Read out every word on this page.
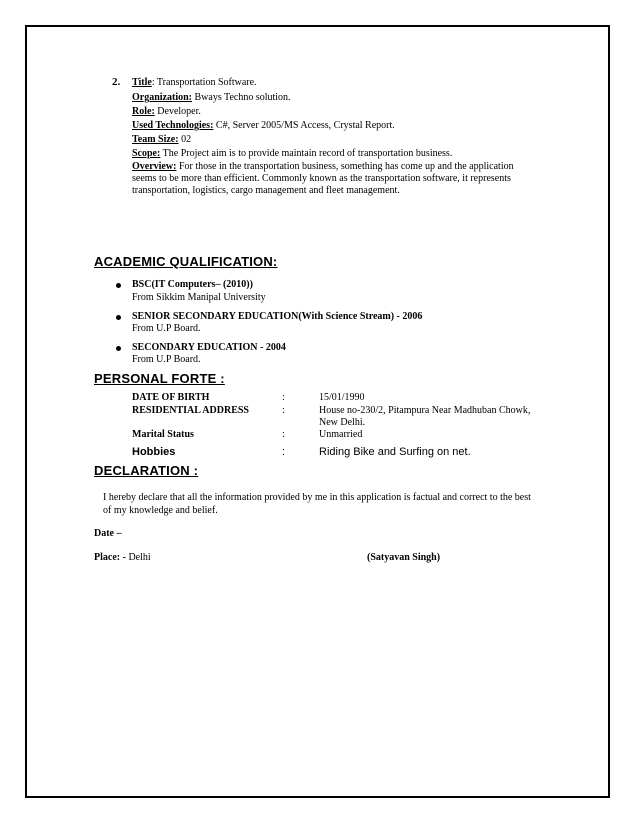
2. Title: Transportation Software.
Organization: Bways Techno solution.
Role: Developer.
Used Technologies: C#, Server 2005/MS Access, Crystal Report.
Team Size: 02
Scope: The Project aim is to provide maintain record of transportation business.
Overview: For those in the transportation business, something has come up and the application
seems to be more than efficient. Commonly known as the transportation software, it represents
transportation, logistics, cargo management and fleet management.
ACADEMIC QUALIFICATION:
BSC(IT Computers– (2010))
From Sikkim Manipal University
SENIOR SECONDARY EDUCATION(With Science Stream) - 2006
From U.P Board.
SECONDARY EDUCATION - 2004
From U.P Board.
PERSONAL FORTE :
DATE OF BIRTH	:	15/01/1990
RESIDENTIAL ADDRESS	:	House no-230/2, Pitampura Near Madhuban Chowk,
New Delhi.
Marital Status	:	Unmarried
Hobbies	:	Riding Bike and Surfing on net.
DECLARATION :
I hereby declare that all the information provided by me in this application is factual and correct to the best
of my knowledge and belief.
Date –
Place: - Delhi	(Satyavan Singh)
